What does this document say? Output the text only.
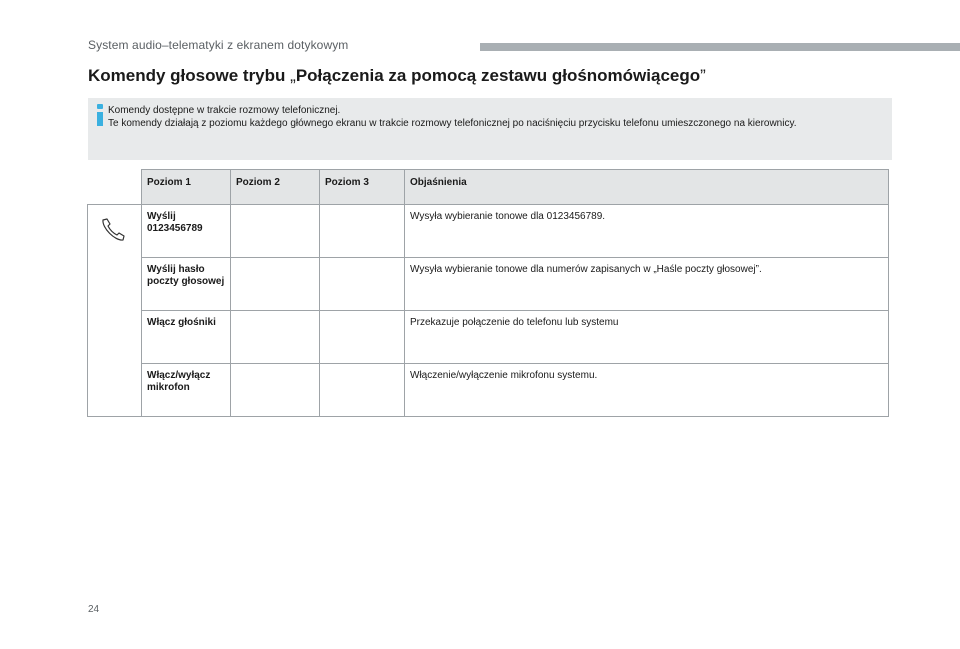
System audio–telematyki z ekranem dotykowym
Komendy głosowe trybu „Połączenia za pomocą zestawu głośnomówiącego”
Komendy dostępne w trakcie rozmowy telefonicznej.
Te komendy działają z poziomu każdego głównego ekranu w trakcie rozmowy telefonicznej po naciśnięciu przycisku telefonu umieszczonego na kierownicy.
	Poziom 1	Poziom 2	Poziom 3	Objaśnienia
	Wyślij 0123456789			Wysyła wybieranie tonowe dla 0123456789.
	Wyślij hasło poczty głosowej			Wysyła wybieranie tonowe dla numerów zapisanych w „Haśle poczty głosowej”.
	Włącz głośniki			Przekazuje połączenie do telefonu lub systemu
	Włącz/wyłącz mikrofon			Włączenie/wyłączenie mikrofonu systemu.
24
